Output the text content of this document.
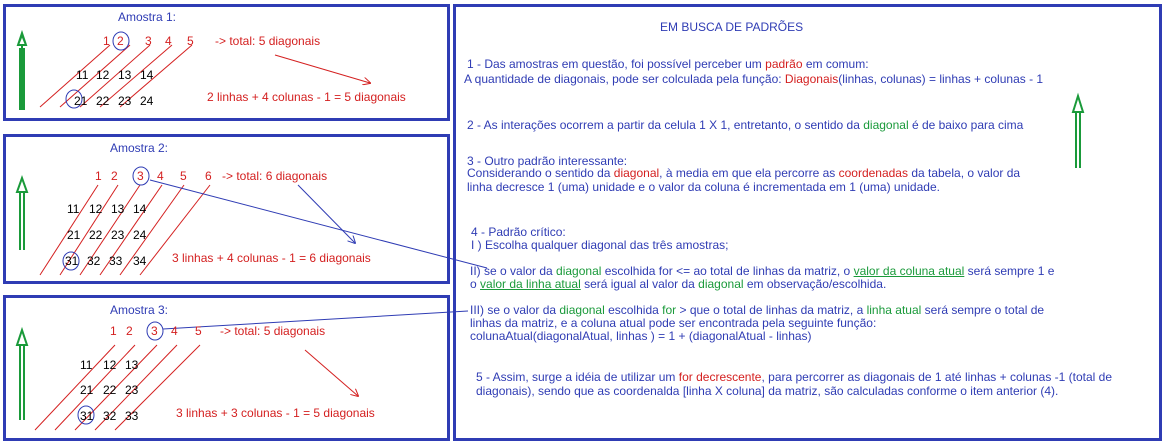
Amostra 1:
1 2 3 4 5 -> total: 5 diagonais
11 12 13 14
21 22 23 24	2 linhas + 4 colunas - 1 = 5 diagonais
Amostra 2:
1 2 3 4 5 6 -> total: 6 diagonais
11 12 13 14
21 22 23 24
31 32 33 34 3 linhas + 4 colunas - 1 = 6 diagonais
Amostra 3:
1 2 3 4 5 -> total: 5 diagonais
11 12 13
21 22 23
31 32 33	3 linhas + 3 colunas - 1 = 5 diagonais
EM BUSCA DE PADRÕES
1 - Das amostras em questão, foi possível perceber um padrão em comum:
A quantidade de diagonais, pode ser colculada pela função: Diagonais(linhas, colunas) = linhas + colunas - 1
2 - As interações ocorrem a partir da celula 1 X 1, entretanto, o sentido da diagonal é de baixo para cima
3 - Outro padrão interessante:
Considerando o sentido da diagonal, à media em que ela percorre as coordenadas da tabela, o valor da
linha decresce 1 (uma) unidade e o valor da coluna é incrementada em 1 (uma) unidade.
4 - Padrão crítico:
I ) Escolha qualquer diagonal das três amostras;
II) se o valor da diagonal escolhida for <= ao total de linhas da matriz, o valor da coluna atual será sempre 1 e
o valor da linha atual será igual al valor da diagonal em observação/escolhida.
III) se o valor da diagonal escolhida for > que o total de linhas da matriz, a linha atual será sempre o total de
linhas da matriz, e a coluna atual pode ser encontrada pela seguinte função:
colunaAtual(diagonalAtual, linhas ) = 1 + (diagonalAtual - linhas)
5 - Assim, surge a idéia de utilizar um for decrescente, para percorrer as diagonais de 1 até linhas + colunas -1 (total de
diagonais), sendo que as coordenalda [linha X coluna] da matriz, são calculadas conforme o item anterior (4).
